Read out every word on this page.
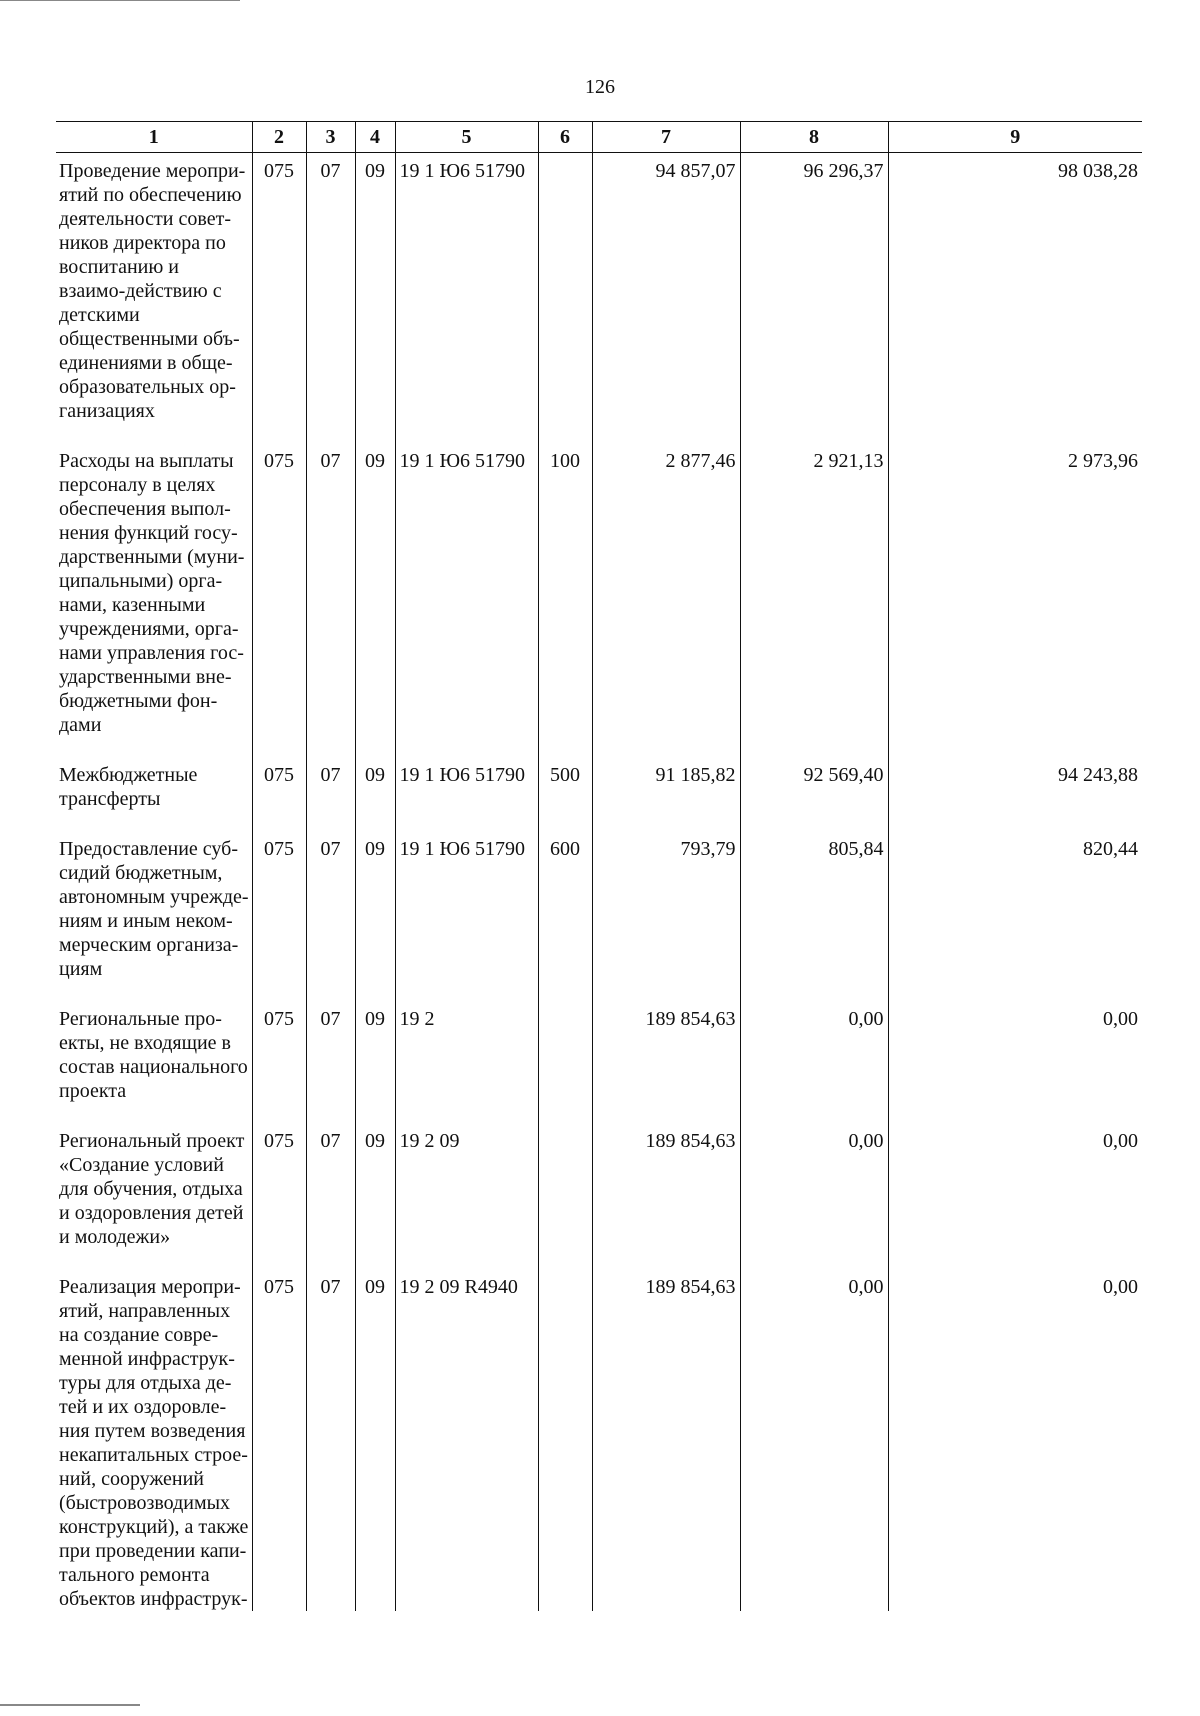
126
1	2	3	4	5	6	7	8	9
Проведение меропри-ятий по обеспечению деятельности совет-ников директора по воспитанию и взаимо-действию с детскими общественными объ-единениями в обще-образовательных ор-ганизациях	075	07	09	19 1 Ю6 51790		94 857,07	96 296,37	98 038,28
Расходы на выплаты персоналу в целях обеспечения выпол-нения функций госу-дарственными (муни-ципальными) орга-нами, казенными учреждениями, орга-нами управления гос-ударственными вне-бюджетными фон-дами	075	07	09	19 1 Ю6 51790	100	2 877,46	2 921,13	2 973,96
Межбюджетные трансферты	075	07	09	19 1 Ю6 51790	500	91 185,82	92 569,40	94 243,88
Предоставление суб-сидий бюджетным, автономным учрежде-ниям и иным неком-мерческим организа-циям	075	07	09	19 1 Ю6 51790	600	793,79	805,84	820,44
Региональные про-екты, не входящие в состав национального проекта	075	07	09	19 2		189 854,63	0,00	0,00
Региональный проект «Создание условий для обучения, отдыха и оздоровления детей и молодежи»	075	07	09	19 2 09		189 854,63	0,00	0,00
Реализация меропри-ятий, направленных на создание совре-менной инфраструк-туры для отдыха де-тей и их оздоровле-ния путем возведения некапитальных строе-ний, сооружений (быстровозводимых конструкций), а также при проведении капи-тального ремонта объектов инфраструк-	075	07	09	19 2 09 R4940		189 854,63	0,00	0,00
